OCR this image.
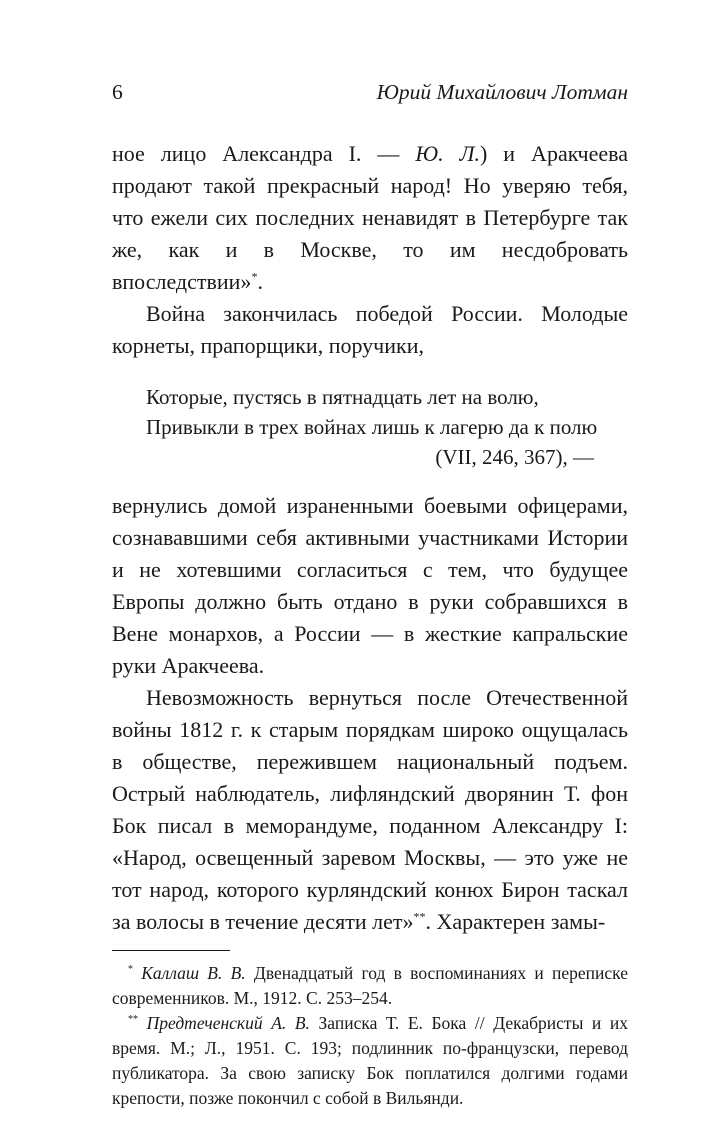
6	Юрий Михайлович Лотман

ное лицо Александра I. — Ю. Л.) и Аракчеева продают такой прекрасный народ! Но уверяю тебя, что ежели сих последних ненавидят в Петербурге так же, как и в Москве, то им несдобровать впоследствии»*.

Война закончилась победой России. Молодые корнеты, прапорщики, поручики,

Которые, пустясь в пятнадцать лет на волю,
Привыкли в трех войнах лишь к лагерю да к полю
(VII, 246, 367), —

вернулись домой израненными боевыми офицерами, сознававшими себя активными участниками Истории и не хотевшими согласиться с тем, что будущее Европы должно быть отдано в руки собравшихся в Вене монархов, а России — в жесткие капральские руки Аракчеева.

Невозможность вернуться после Отечественной войны 1812 г. к старым порядкам широко ощущалась в обществе, пережившем национальный подъем. Острый наблюдатель, лифляндский дворянин Т. фон Бок писал в меморандуме, поданном Александру I: «Народ, освещенный заревом Москвы, — это уже не тот народ, которого курляндский конюх Бирон таскал за волосы в течение десяти лет»**. Характерен замы-

* Каллаш В. В. Двенадцатый год в воспоминаниях и переписке современников. М., 1912. С. 253–254.

** Предтеченский А. В. Записка Т. Е. Бока // Декабристы и их время. М.; Л., 1951. С. 193; подлинник по-французски, перевод публикатора. За свою записку Бок поплатился долгими годами крепости, позже покончил с собой в Вильянди.
